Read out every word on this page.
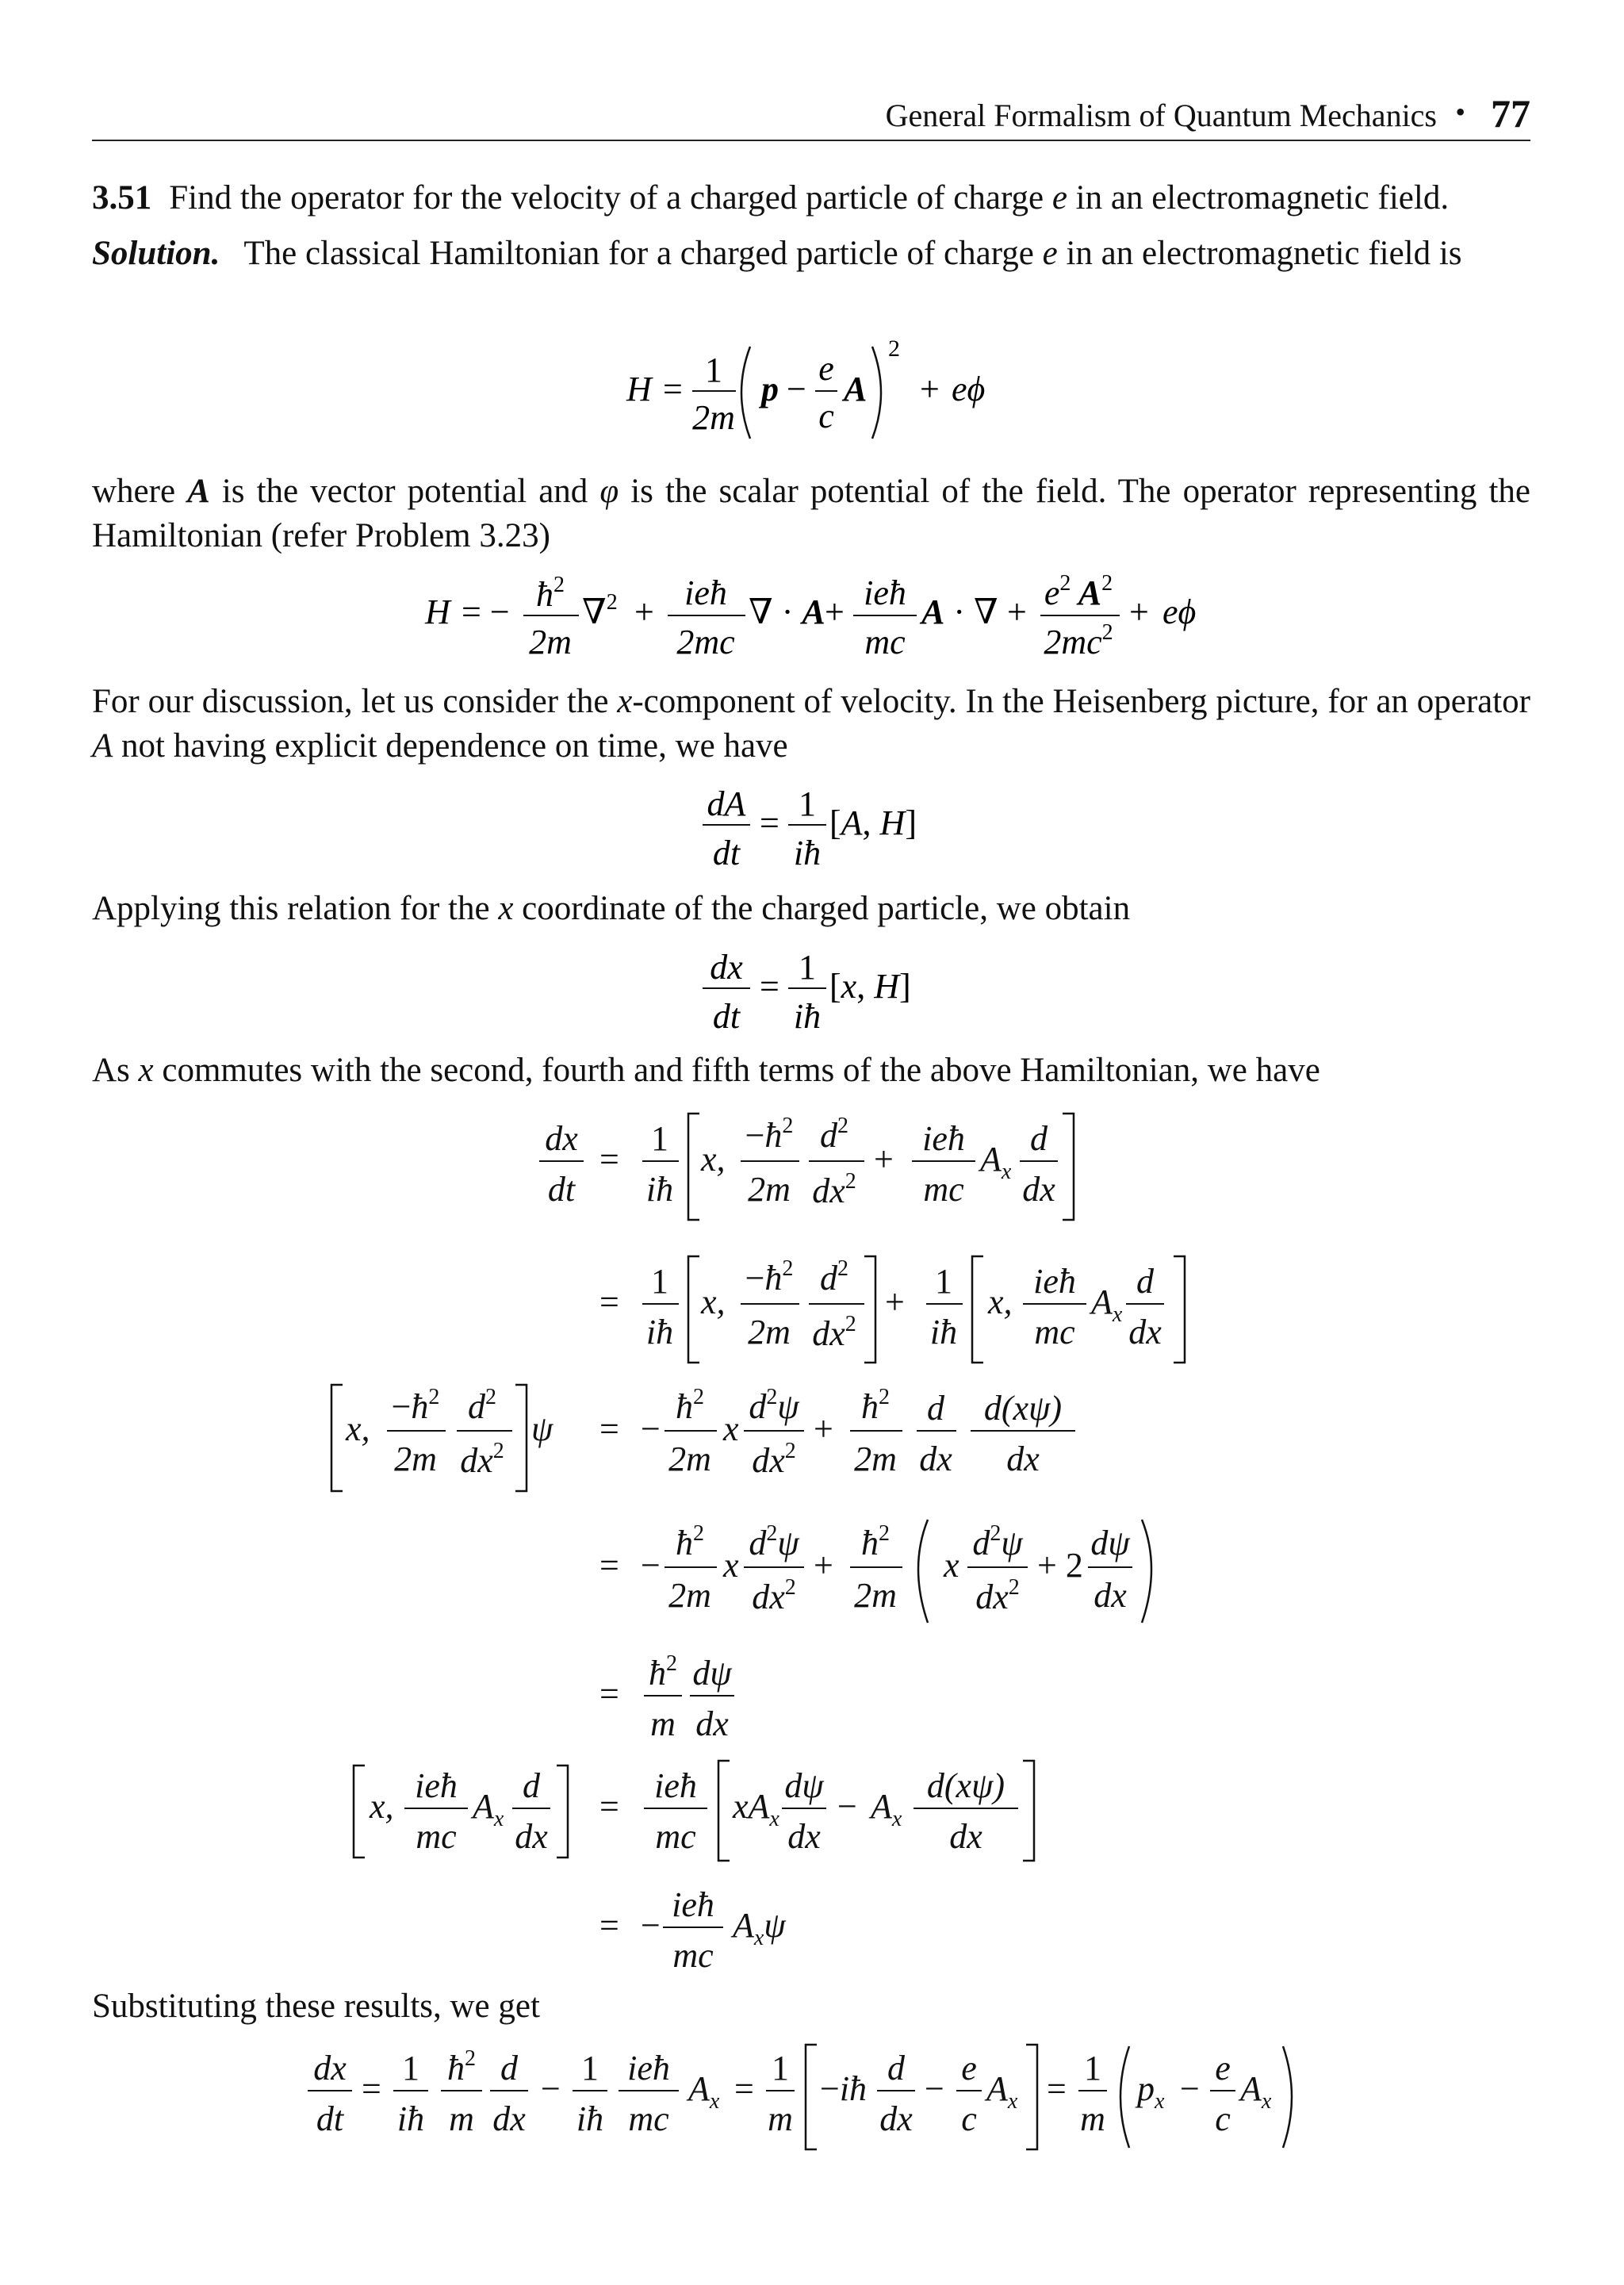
General Formalism of Quantum Mechanics • 77
3.51 Find the operator for the velocity of a charged particle of charge e in an electromagnetic field.
Solution. The classical Hamiltonian for a charged particle of charge e in an electromagnetic field is
H = 1
2m
p −
e
c
A
2
+ eϕ
where A is the vector potential and φ is the scalar potential of the field. The operator representing the Hamiltonian (refer Problem 3.23)
H = − $ħ^2$
2m
∇$^2$ + ieħ
2mc
∇ · A + ieħ
mc
A · ∇ + $e^2$ $A^2$
$2mc^2$
+ eϕ
For our discussion, let us consider the x-component of velocity. In the Heisenberg picture, for an operator A not having explicit dependence on time, we have
dA
dt
= 1
iħ
[A, H]
Applying this relation for the x coordinate of the charged particle, we obtain
dx
dt
= 1
iħ
[x, H]
As x commutes with the second, fourth and fifth terms of the above Hamiltonian, we have
dx
dt
=
1
iħ
x,
$-ħ^2$
2m
$d^2$
$dx^2$
+
ieħ
mc
$A_x$
d
dx
=
1
iħ
x,
$-ħ^2$
2m
$d^2$
$dx^2$
+
1
iħ
x,
ieħ
mc
$A_x$
d
dx
x,
$-ħ^2$
2m
$d^2$
$dx^2$
ψ = −
$ħ^2$
2m
x
$d^2\psi$
$dx^2$
+
$ħ^2$
2m
d
dx
d(xψ)
dx
= −
$ħ^2$
2m
x
$d^2\psi$
$dx^2$
+
$ħ^2$
2m
x
$d^2\psi$
$dx^2$
+ 2
dψ
dx
=
$ħ^2$
m
dψ
dx
x,
ieħ
mc
$A_x$
d
dx
=
ieħ
mc
$xA_x$
dψ
dx
− $A_x$
d(xψ)
dx
= −
ieħ
mc
$A_x\psi$
Substituting these results, we get
dx
dt
=
1
iħ
$ħ^2$
m
d
dx
−
1
iħ
ieħ
mc
$A_x$ =
1
m
−iħ
d
dx
−
e
c
$A_x$ =
1
m
$p_x$ −
e
c
$A_x$
